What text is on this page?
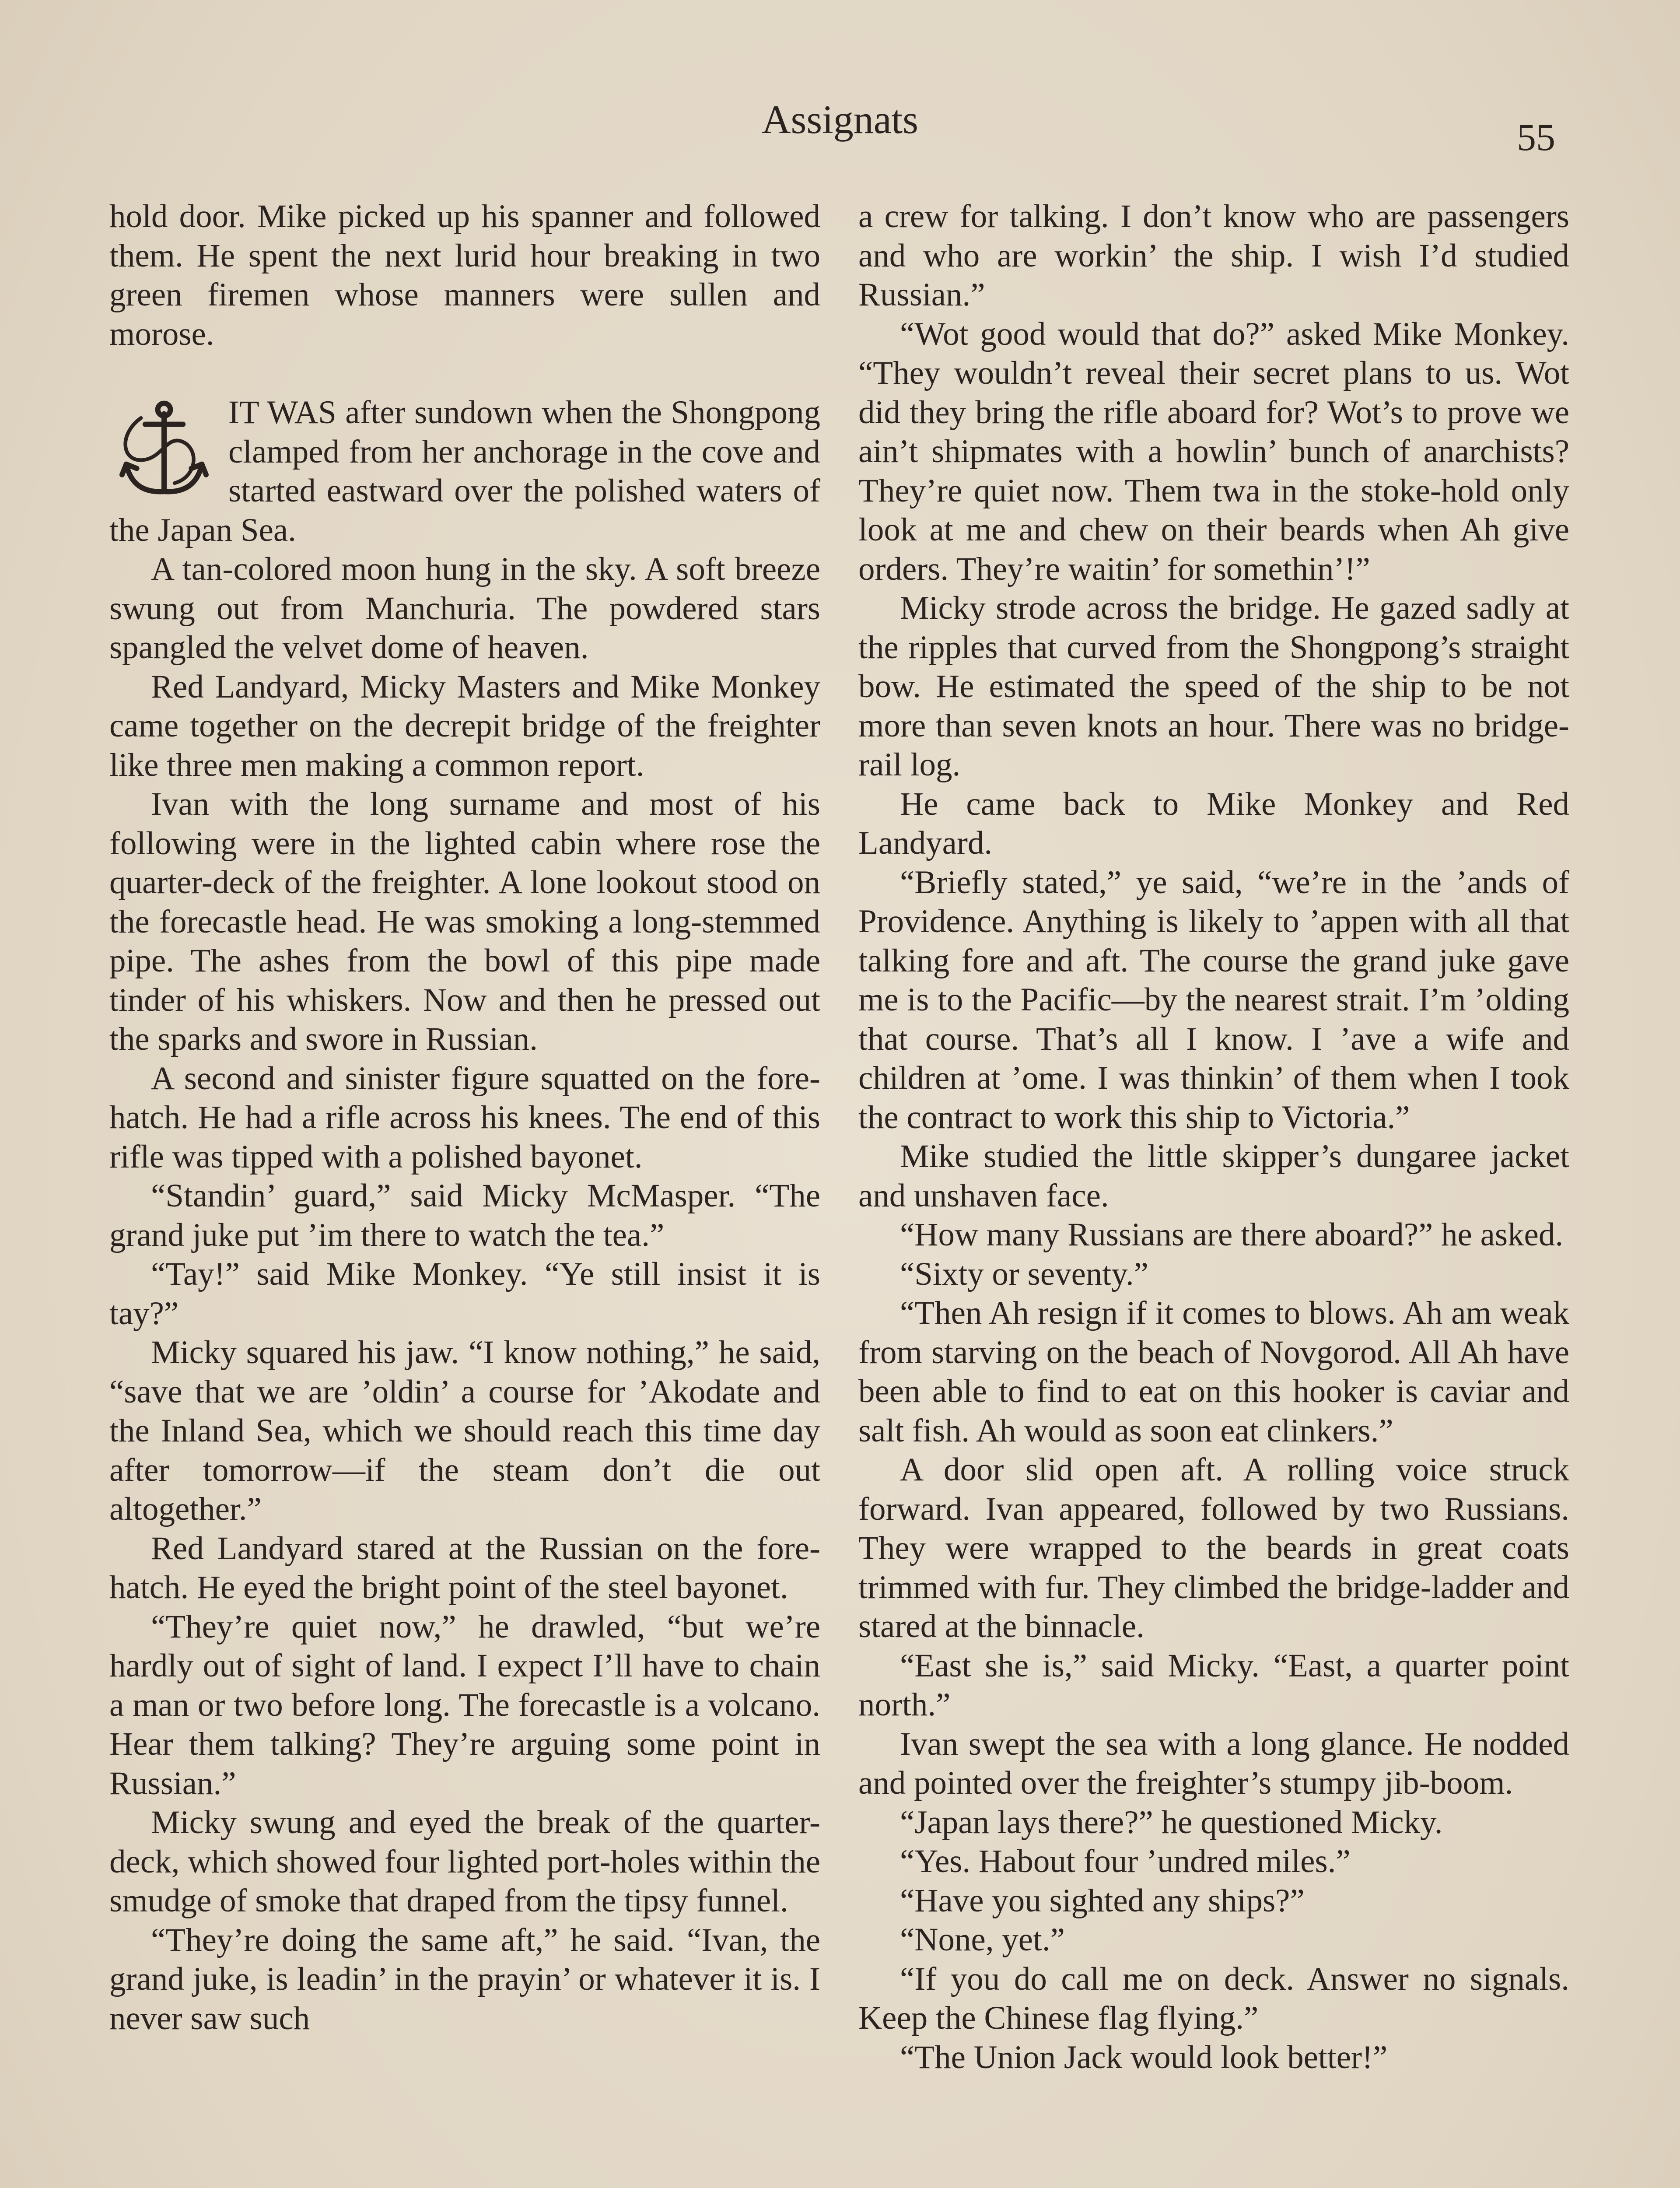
Assignats	55

hold door. Mike picked up his spanner and followed them. He spent the next lurid hour breaking in two green firemen whose manners were sullen and morose.

IT WAS after sundown when the Shongpong clamped from her anchorage in the cove and started eastward over the polished waters of the Japan Sea.

A tan-colored moon hung in the sky. A soft breeze swung out from Manchuria. The powdered stars spangled the velvet dome of heaven.

Red Landyard, Micky Masters and Mike Monkey came together on the decrepit bridge of the freighter like three men making a common report.

Ivan with the long surname and most of his following were in the lighted cabin where rose the quarter-deck of the freighter. A lone lookout stood on the forecastle head. He was smoking a long-stemmed pipe. The ashes from the bowl of this pipe made tinder of his whiskers. Now and then he pressed out the sparks and swore in Russian.

A second and sinister figure squatted on the fore-hatch. He had a rifle across his knees. The end of this rifle was tipped with a polished bayonet.

“Standin’ guard,” said Micky McMasper. “The grand juke put ’im there to watch the tea.”

“Tay!” said Mike Monkey. “Ye still insist it is tay?”

Micky squared his jaw. “I know nothing,” he said, “save that we are ’oldin’ a course for ’Akodate and the Inland Sea, which we should reach this time day after tomorrow—if the steam don’t die out altogether.”

Red Landyard stared at the Russian on the fore-hatch. He eyed the bright point of the steel bayonet.

“They’re quiet now,” he drawled, “but we’re hardly out of sight of land. I expect I’ll have to chain a man or two before long. The forecastle is a volcano. Hear them talking? They’re arguing some point in Russian.”

Micky swung and eyed the break of the quarter-deck, which showed four lighted port-holes within the smudge of smoke that draped from the tipsy funnel.

“They’re doing the same aft,” he said. “Ivan, the grand juke, is leadin’ in the prayin’ or whatever it is. I never saw such

a crew for talking. I don’t know who are passengers and who are workin’ the ship. I wish I’d studied Russian.”

“Wot good would that do?” asked Mike Monkey. “They wouldn’t reveal their secret plans to us. Wot did they bring the rifle aboard for? Wot’s to prove we ain’t shipmates with a howlin’ bunch of anarchists? They’re quiet now. Them twa in the stoke-hold only look at me and chew on their beards when Ah give orders. They’re waitin’ for somethin’!”

Micky strode across the bridge. He gazed sadly at the ripples that curved from the Shongpong’s straight bow. He estimated the speed of the ship to be not more than seven knots an hour. There was no bridge-rail log.

He came back to Mike Monkey and Red Landyard.

“Briefly stated,” ye said, “we’re in the ’ands of Providence. Anything is likely to ’appen with all that talking fore and aft. The course the grand juke gave me is to the Pacific—by the nearest strait. I’m ’olding that course. That’s all I know. I ’ave a wife and children at ’ome. I was thinkin’ of them when I took the contract to work this ship to Victoria.”

Mike studied the little skipper’s dungaree jacket and unshaven face.

“How many Russians are there aboard?” he asked.

“Sixty or seventy.”

“Then Ah resign if it comes to blows. Ah am weak from starving on the beach of Novgorod. All Ah have been able to find to eat on this hooker is caviar and salt fish. Ah would as soon eat clinkers.”

A door slid open aft. A rolling voice struck forward. Ivan appeared, followed by two Russians. They were wrapped to the beards in great coats trimmed with fur. They climbed the bridge-ladder and stared at the binnacle.

“East she is,” said Micky. “East, a quarter point north.”

Ivan swept the sea with a long glance. He nodded and pointed over the freighter’s stumpy jib-boom.

“Japan lays there?” he questioned Micky.

“Yes. Habout four ’undred miles.”

“Have you sighted any ships?”

“None, yet.”

“If you do call me on deck. Answer no signals. Keep the Chinese flag flying.”

“The Union Jack would look better!”
